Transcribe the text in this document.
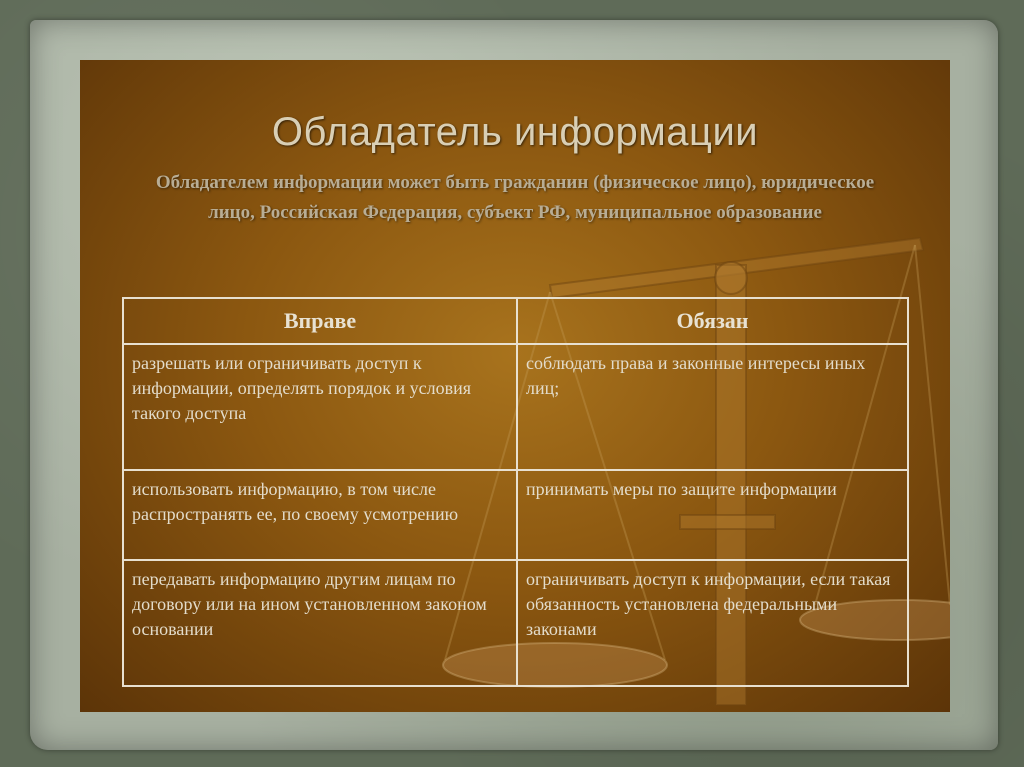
Обладатель информации
Обладателем информации может быть гражданин (физическое лицо), юридическое лицо, Российская Федерация, субъект РФ, муниципальное образование
Вправе	Обязан
разрешать или ограничивать доступ к информации, определять порядок и условия такого доступа	соблюдать права и законные интересы иных лиц;
использовать информацию, в том числе распространять ее, по своему усмотрению	принимать меры по защите информации
передавать информацию другим лицам по договору или на ином установленном законом основании	ограничивать доступ к информации, если такая обязанность установлена федеральными законами
